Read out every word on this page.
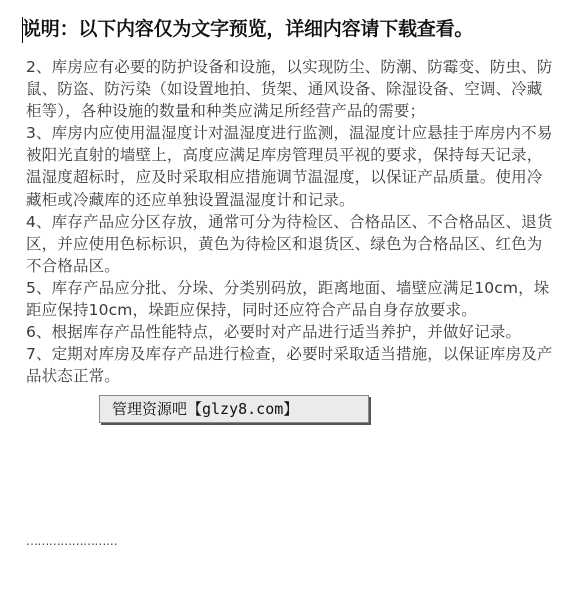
说明：以下内容仅为文字预览，详细内容请下载查看。

2、库房应有必要的防护设备和设施，以实现防尘、防潮、防霉变、防虫、防鼠、防盗、防污染（如设置地拍、货架、通风设备、除湿设备、空调、冷藏柜等），各种设施的数量和种类应满足所经营产品的需要；

3、库房内应使用温湿度计对温湿度进行监测，温湿度计应悬挂于库房内不易被阳光直射的墙壁上，高度应满足库房管理员平视的要求，保持每天记录，温湿度超标时，应及时采取相应措施调节温湿度，以保证产品质量。使用冷藏柜或冷藏库的还应单独设置温湿度计和记录。

4、库存产品应分区存放，通常可分为待检区、合格品区、不合格品区、退货区，并应使用色标标识，黄色为待检区和退货区、绿色为合格品区、红色为不合格品区。

5、库存产品应分批、分垛、分类别码放，距离地面、墙壁应满足10cm，垛距应保持10cm，垛距应保持，同时还应符合产品自身存放要求。

6、根据库存产品性能特点，必要时对产品进行适当养护，并做好记录。

7、定期对库房及库存产品进行检查，必要时采取适当措施，以保证库房及产品状态正常。

……………………
管理资源吧【glzy8.com】
